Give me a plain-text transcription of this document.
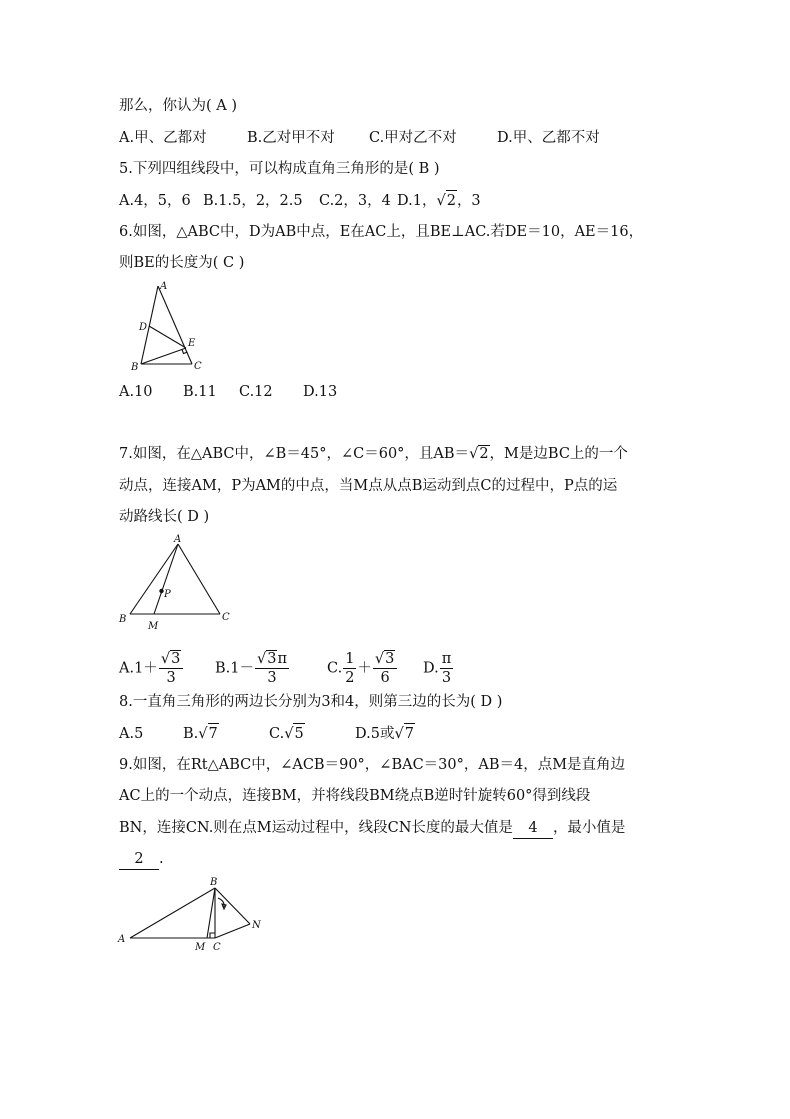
那么，你认为( A )
A.甲、乙都对	B.乙对甲不对 C.甲对乙不对	D.甲、乙都不对
5.下列四组线段中，可以构成直角三角形的是( B )
A.4，5，6 B.1.5，2，2.5 C.2，3，4 D.1，√2，3
6.如图，△ABC中，D为AB中点，E在AC上，且BE⊥AC.若DE＝10，AE＝16，
则BE的长度为( C )
A
B	C
D
E
A.10 B.11 C.12 D.13
7.如图，在△ABC中，∠B＝45°，∠C＝60°，且AB＝√2，M是边BC上的一个
动点，连接AM，P为AM的中点，当M点从点B运动到点C的过程中，P点的运
动路线长( D )
A
B	C
M
P
$A.1+ \frac{√3}{3} B.1- \frac{√3\pi}{3}$	C. $\frac{1}{2} + \frac{√3}{6} D$. $\frac{\pi}{3}$
8.一直角三角形的两边长分别为3和4，则第三边的长为( D )
A.5	B.√7	C.√5	D.5或√7
9.如图，在Rt△ABC中，∠ACB＝90°，∠BAC＝30°，AB＝4，点M是直角边
AC上的一个动点，连接BM，并将线段BM绕点B逆时针旋转60°得到线段
BN，连接CN.则在点M运动过程中，线段CN长度的最大值是 4 ，最小值是
2 .
A
B
C
M
N
